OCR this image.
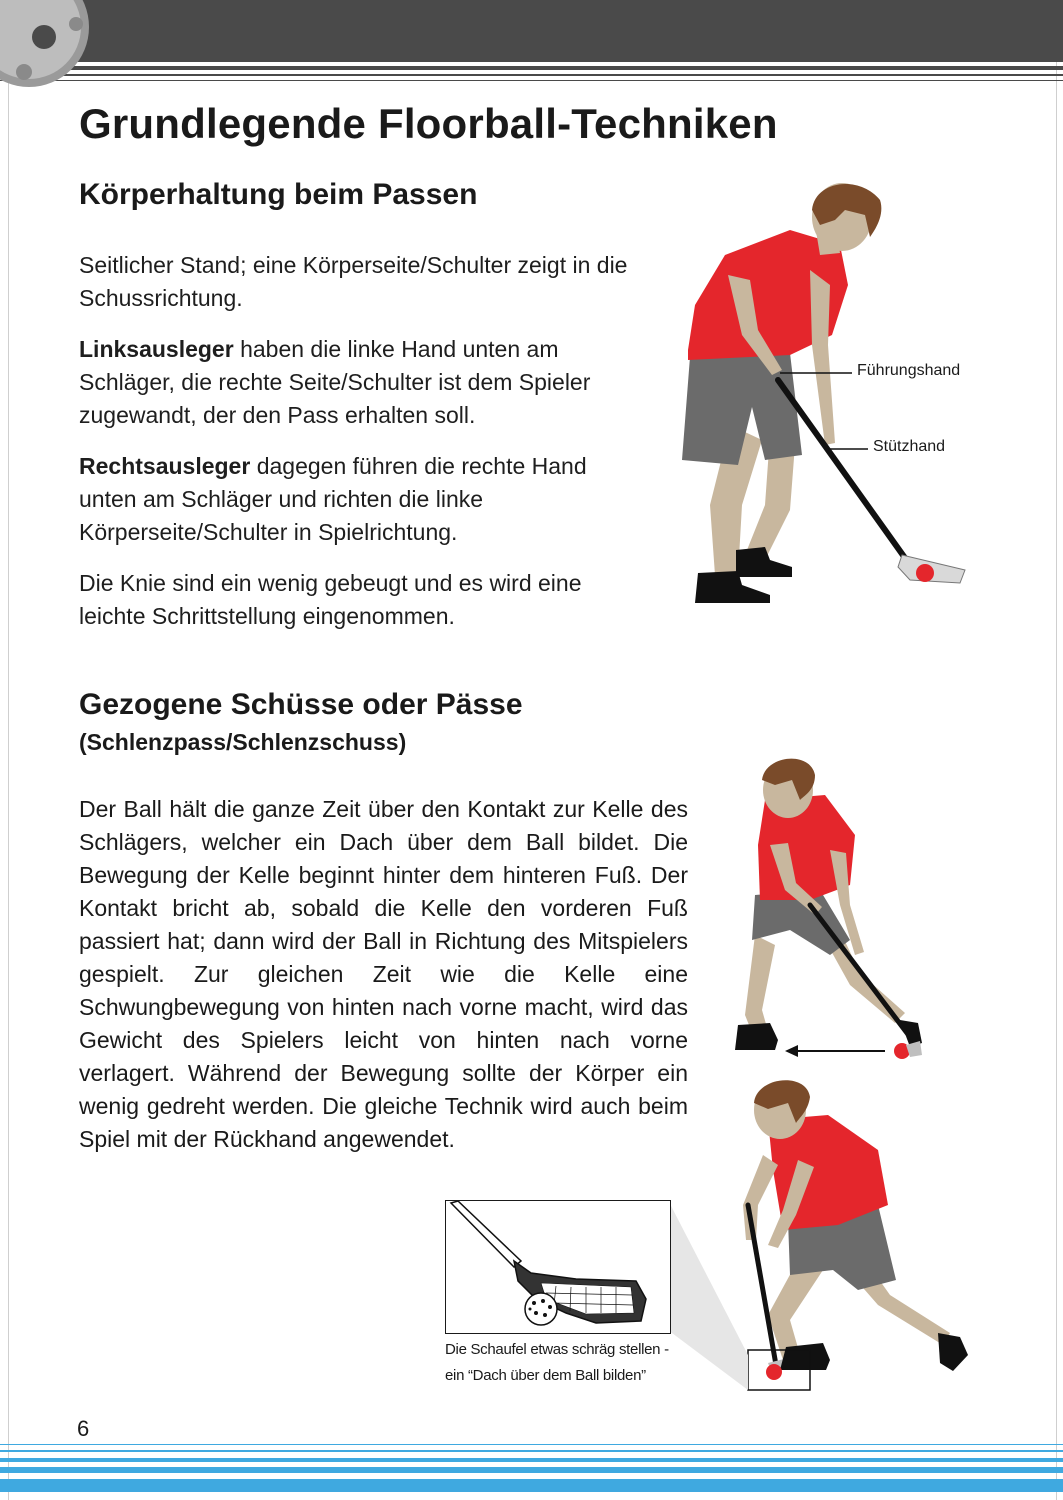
Grundlegende Floorball-Techniken
Körperhaltung beim Passen

Seitlicher Stand; eine Körperseite/Schulter zeigt in die Schussrichtung.

Linksausleger haben die linke Hand unten am Schläger, die rechte Seite/Schulter ist dem Spieler zugewandt, der den Pass erhalten soll.

Rechtsausleger dagegen führen die rechte Hand unten am Schläger und richten die linke Körperseite/Schulter in Spielrichtung.

Die Knie sind ein wenig gebeugt und es wird eine leichte Schrittstellung eingenommen.

Führungshand
Stützhand
Gezogene Schüsse oder Pässe
(Schlenzpass/Schlenzschuss)

Der Ball hält die ganze Zeit über den Kontakt zur Kelle des Schlägers, welcher ein Dach über dem Ball bildet. Die Bewegung der Kelle beginnt hinter dem hinteren Fuß. Der Kontakt bricht ab, sobald die Kelle den vorderen Fuß passiert hat; dann wird der Ball in Richtung des Mitspielers gespielt. Zur gleichen Zeit wie die Kelle eine Schwungbewegung von hinten nach vorne macht, wird das Gewicht des Spielers leicht von hinten nach vorne verlagert. Während der Bewegung sollte der Körper ein wenig gedreht werden. Die gleiche Technik wird auch beim Spiel mit der Rückhand angewendet.

Die Schaufel etwas schräg stellen -
ein “Dach über dem Ball bilden”
6
